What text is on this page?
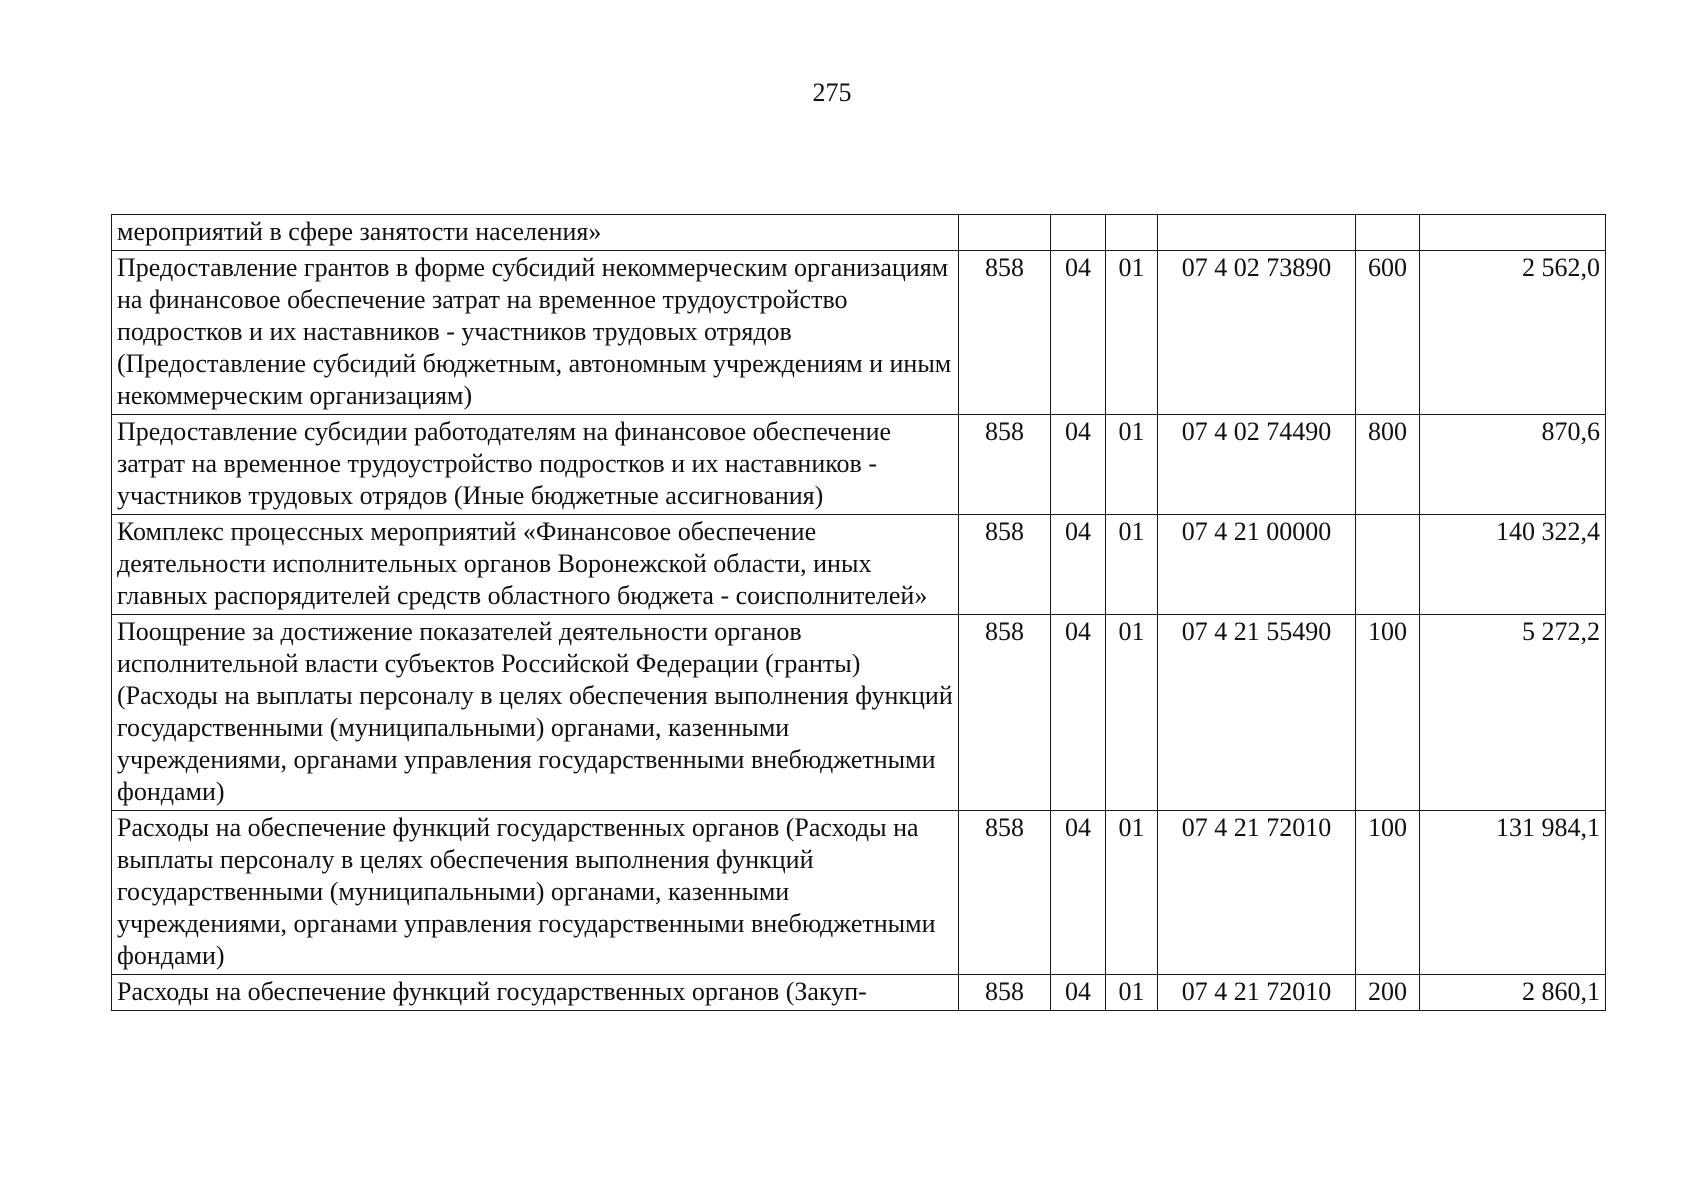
275
мероприятий в сфере занятости населения»						
Предоставление грантов в форме субсидий некоммерческим организациям на финансовое обеспечение затрат на временное трудоустройство подростков и их наставников - участников трудовых отрядов (Предоставление субсидий бюджетным, автономным учреждениям и иным некоммерческим организациям)	858	04	01	07 4 02 73890	600	2 562,0
Предоставление субсидии работодателям на финансовое обеспечение затрат на временное трудоустройство подростков и их наставников - участников трудовых отрядов (Иные бюджетные ассигнования)	858	04	01	07 4 02 74490	800	870,6
Комплекс процессных мероприятий «Финансовое обеспечение деятельности исполнительных органов Воронежской области, иных главных распорядителей средств областного бюджета - соисполнителей»	858	04	01	07 4 21 00000		140 322,4
Поощрение за достижение показателей деятельности органов исполнительной власти субъектов Российской Федерации (гранты) (Расходы на выплаты персоналу в целях обеспечения выполнения функций государственными (муниципальными) органами, казенными учреждениями, органами управления государственными внебюджетными фондами)	858	04	01	07 4 21 55490	100	5 272,2
Расходы на обеспечение функций государственных органов (Расходы на выплаты персоналу в целях обеспечения выполнения функций государственными (муниципальными) органами, казенными учреждениями, органами управления государственными внебюджетными фондами)	858	04	01	07 4 21 72010	100	131 984,1
Расходы на обеспечение функций государственных органов (Закуп-	858	04	01	07 4 21 72010	200	2 860,1
